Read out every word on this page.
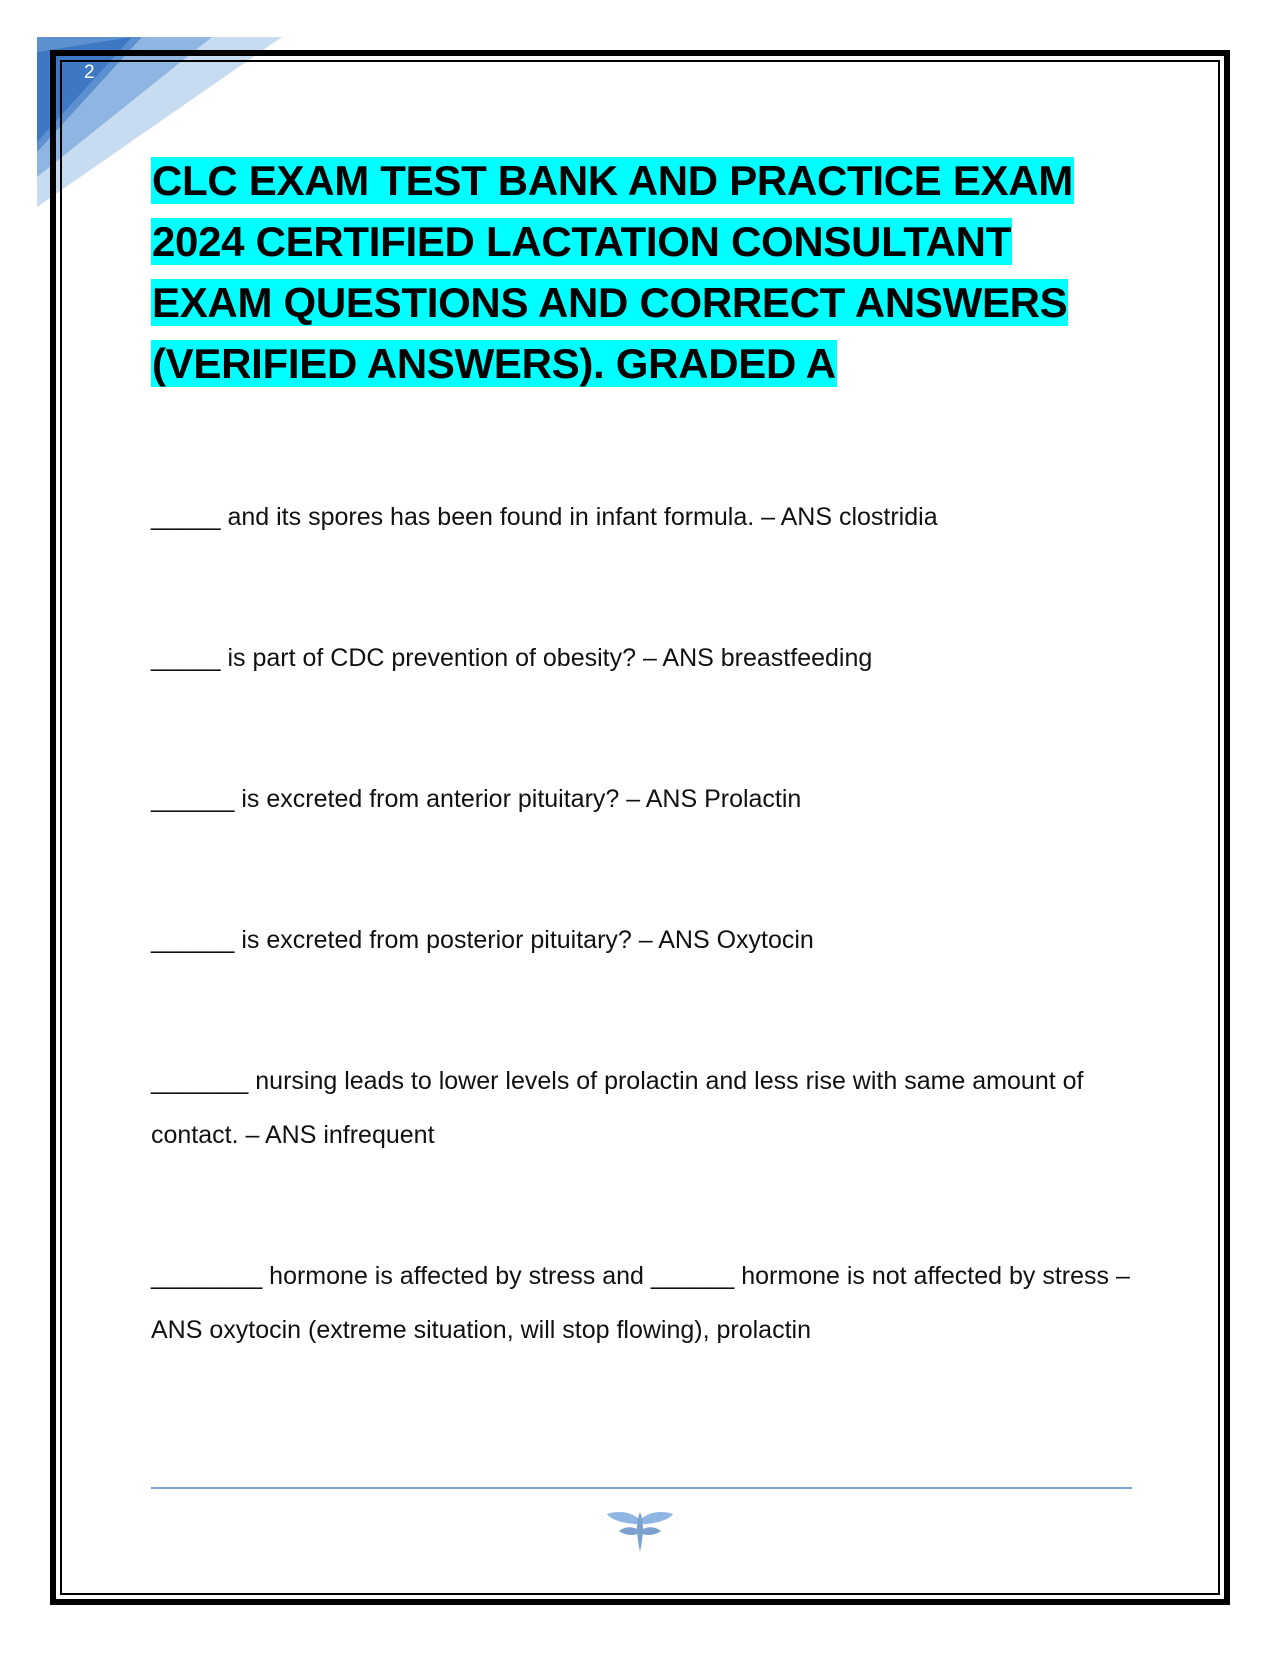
2
CLC EXAM TEST BANK AND PRACTICE EXAM 2024 CERTIFIED LACTATION CONSULTANT EXAM QUESTIONS AND CORRECT ANSWERS (VERIFIED ANSWERS). GRADED A

_____ and its spores has been found in infant formula. – ANS clostridia

_____ is part of CDC prevention of obesity? – ANS breastfeeding

______ is excreted from anterior pituitary? – ANS Prolactin

______ is excreted from posterior pituitary? – ANS Oxytocin

_______ nursing leads to lower levels of prolactin and less rise with same amount of contact. – ANS infrequent

________ hormone is affected by stress and ______ hormone is not affected by stress – ANS oxytocin (extreme situation, will stop flowing), prolactin
